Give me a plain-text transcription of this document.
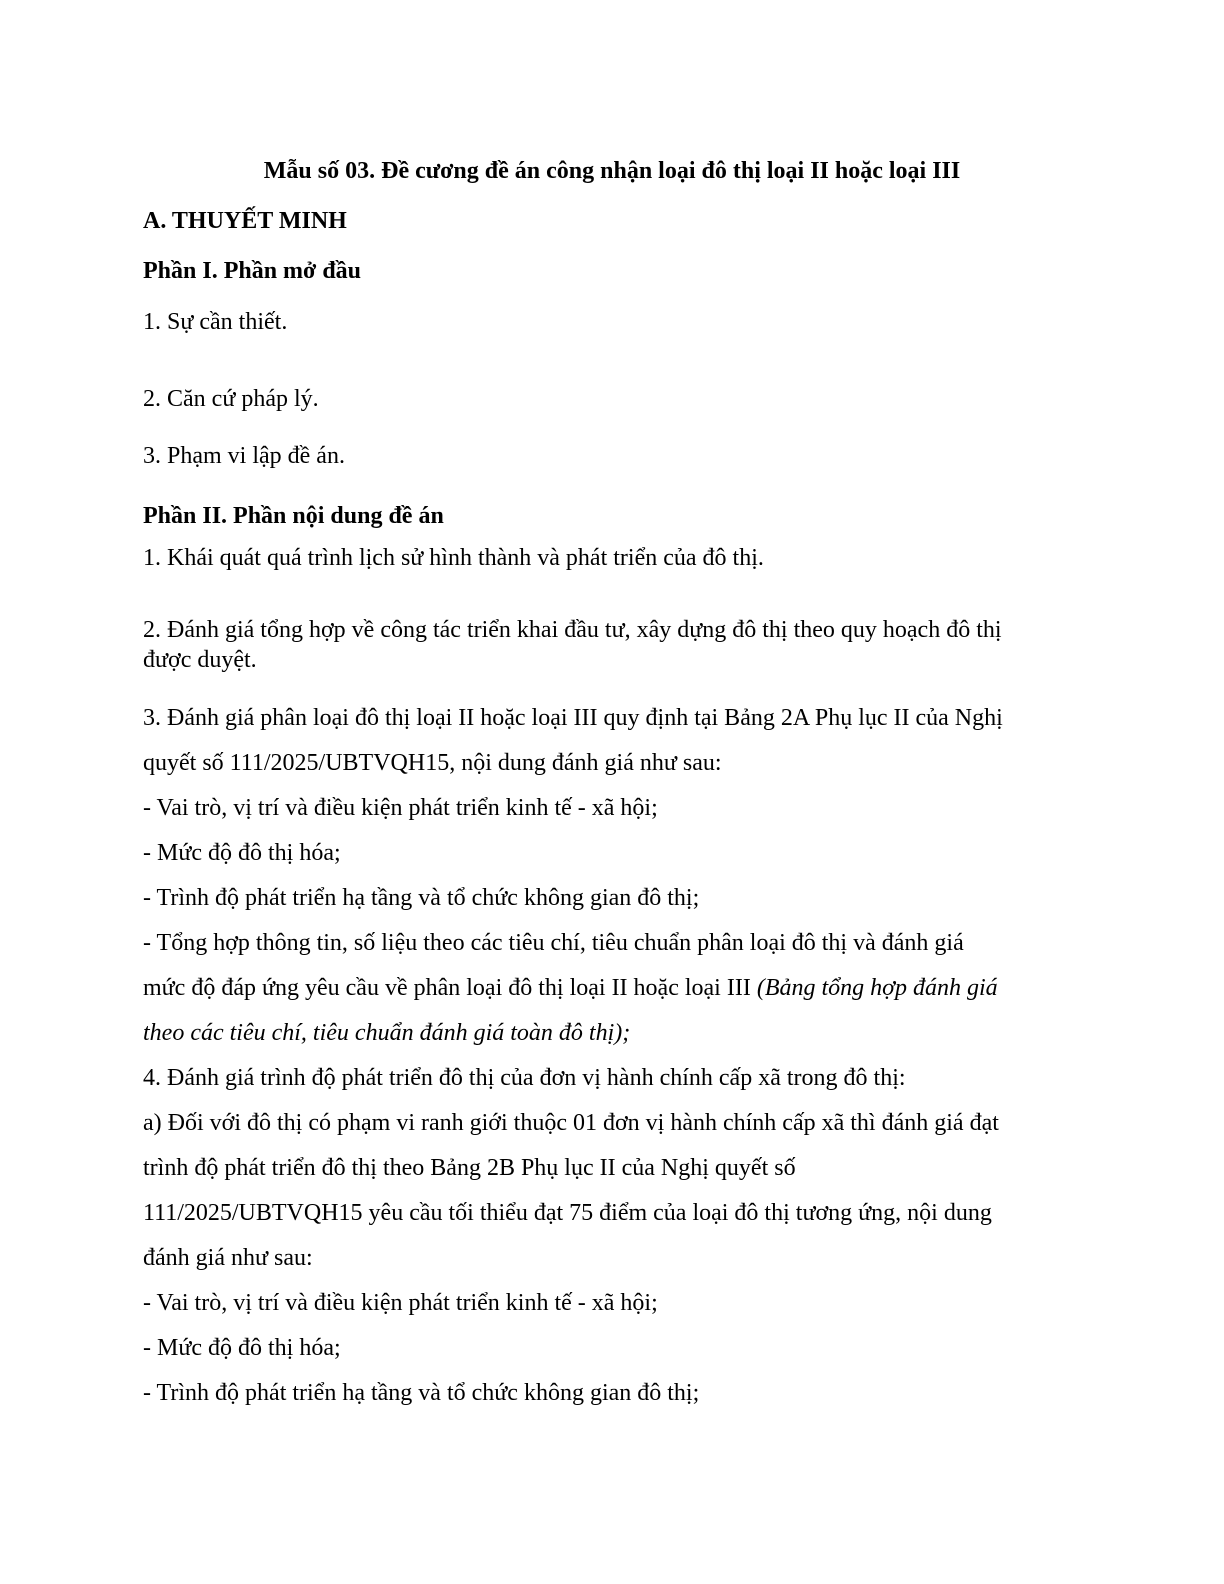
Mẫu số 03. Đề cương đề án công nhận loại đô thị loại II hoặc loại III

A. THUYẾT MINH

Phần I. Phần mở đầu

1. Sự cần thiết.

2. Căn cứ pháp lý.

3. Phạm vi lập đề án.

Phần II. Phần nội dung đề án

1. Khái quát quá trình lịch sử hình thành và phát triển của đô thị.

2. Đánh giá tổng hợp về công tác triển khai đầu tư, xây dựng đô thị theo quy hoạch đô thị

được duyệt.

3. Đánh giá phân loại đô thị loại II hoặc loại III quy định tại Bảng 2A Phụ lục II của Nghị

quyết số 111/2025/UBTVQH15, nội dung đánh giá như sau:

- Vai trò, vị trí và điều kiện phát triển kinh tế - xã hội;

- Mức độ đô thị hóa;

- Trình độ phát triển hạ tầng và tổ chức không gian đô thị;

- Tổng hợp thông tin, số liệu theo các tiêu chí, tiêu chuẩn phân loại đô thị và đánh giá

mức độ đáp ứng yêu cầu về phân loại đô thị loại II hoặc loại III (Bảng tổng hợp đánh giá

theo các tiêu chí, tiêu chuẩn đánh giá toàn đô thị);

4. Đánh giá trình độ phát triển đô thị của đơn vị hành chính cấp xã trong đô thị:

a) Đối với đô thị có phạm vi ranh giới thuộc 01 đơn vị hành chính cấp xã thì đánh giá đạt

trình độ phát triển đô thị theo Bảng 2B Phụ lục II của Nghị quyết số

111/2025/UBTVQH15 yêu cầu tối thiểu đạt 75 điểm của loại đô thị tương ứng, nội dung

đánh giá như sau:

- Vai trò, vị trí và điều kiện phát triển kinh tế - xã hội;

- Mức độ đô thị hóa;

- Trình độ phát triển hạ tầng và tổ chức không gian đô thị;
